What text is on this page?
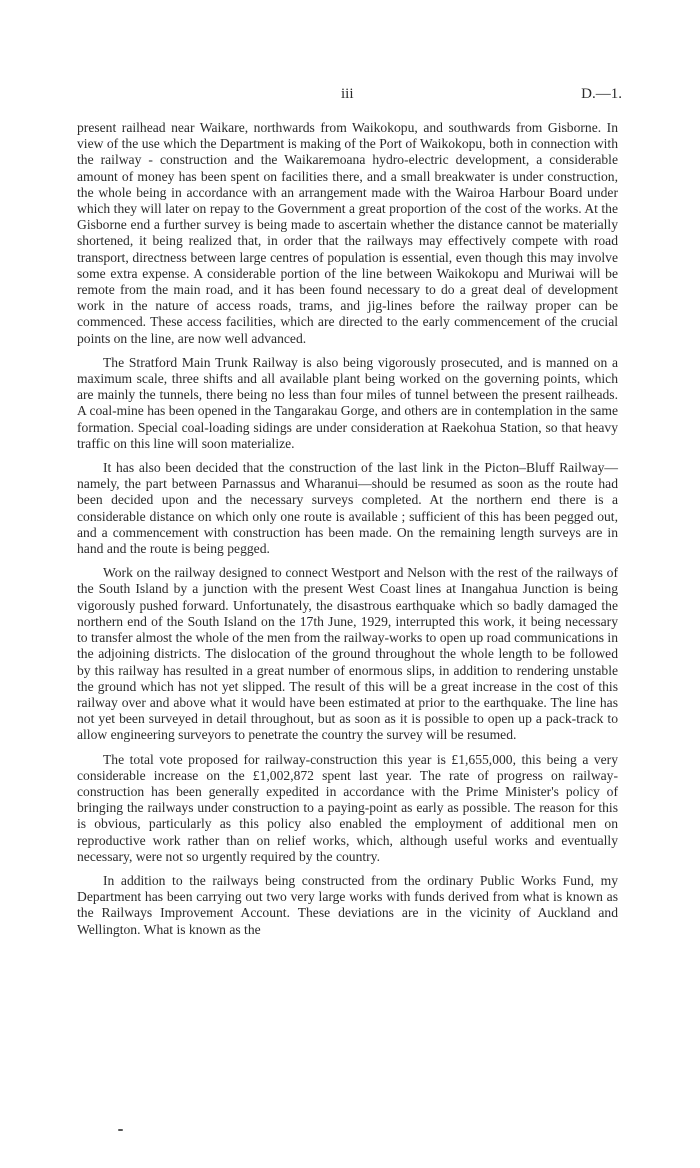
iii	D.—1.

present railhead near Waikare, northwards from Waikokopu, and southwards from Gisborne. In view of the use which the Department is making of the Port of Waikokopu, both in connection with the railway - construction and the Waikaremoana hydro-electric development, a considerable amount of money has been spent on facilities there, and a small breakwater is under construction, the whole being in accordance with an arrangement made with the Wairoa Harbour Board under which they will later on repay to the Government a great proportion of the cost of the works. At the Gisborne end a further survey is being made to ascertain whether the distance cannot be materially shortened, it being realized that, in order that the railways may effectively compete with road transport, directness between large centres of population is essential, even though this may involve some extra expense. A considerable portion of the line between Waikokopu and Muriwai will be remote from the main road, and it has been found necessary to do a great deal of development work in the nature of access roads, trams, and jig-lines before the railway proper can be commenced. These access facilities, which are directed to the early commencement of the crucial points on the line, are now well advanced.

The Stratford Main Trunk Railway is also being vigorously prosecuted, and is manned on a maximum scale, three shifts and all available plant being worked on the governing points, which are mainly the tunnels, there being no less than four miles of tunnel between the present railheads. A coal-mine has been opened in the Tangarakau Gorge, and others are in contemplation in the same formation. Special coal-loading sidings are under consideration at Raekohua Station, so that heavy traffic on this line will soon materialize.

It has also been decided that the construction of the last link in the Picton–Bluff Railway—namely, the part between Parnassus and Wharanui—should be resumed as soon as the route had been decided upon and the necessary surveys completed. At the northern end there is a considerable distance on which only one route is available ; sufficient of this has been pegged out, and a commencement with construction has been made. On the remaining length surveys are in hand and the route is being pegged.

Work on the railway designed to connect Westport and Nelson with the rest of the railways of the South Island by a junction with the present West Coast lines at Inangahua Junction is being vigorously pushed forward. Unfortunately, the disastrous earthquake which so badly damaged the northern end of the South Island on the 17th June, 1929, interrupted this work, it being necessary to transfer almost the whole of the men from the railway-works to open up road communications in the adjoining districts. The dislocation of the ground throughout the whole length to be followed by this railway has resulted in a great number of enormous slips, in addition to rendering unstable the ground which has not yet slipped. The result of this will be a great increase in the cost of this railway over and above what it would have been estimated at prior to the earthquake. The line has not yet been surveyed in detail throughout, but as soon as it is possible to open up a pack-track to allow engineering surveyors to penetrate the country the survey will be resumed.

The total vote proposed for railway-construction this year is £1,655,000, this being a very considerable increase on the £1,002,872 spent last year. The rate of progress on railway-construction has been generally expedited in accordance with the Prime Minister's policy of bringing the railways under construction to a paying-point as early as possible. The reason for this is obvious, particularly as this policy also enabled the employment of additional men on reproductive work rather than on relief works, which, although useful works and eventually necessary, were not so urgently required by the country.

In addition to the railways being constructed from the ordinary Public Works Fund, my Department has been carrying out two very large works with funds derived from what is known as the Railways Improvement Account. These deviations are in the vicinity of Auckland and Wellington. What is known as the
